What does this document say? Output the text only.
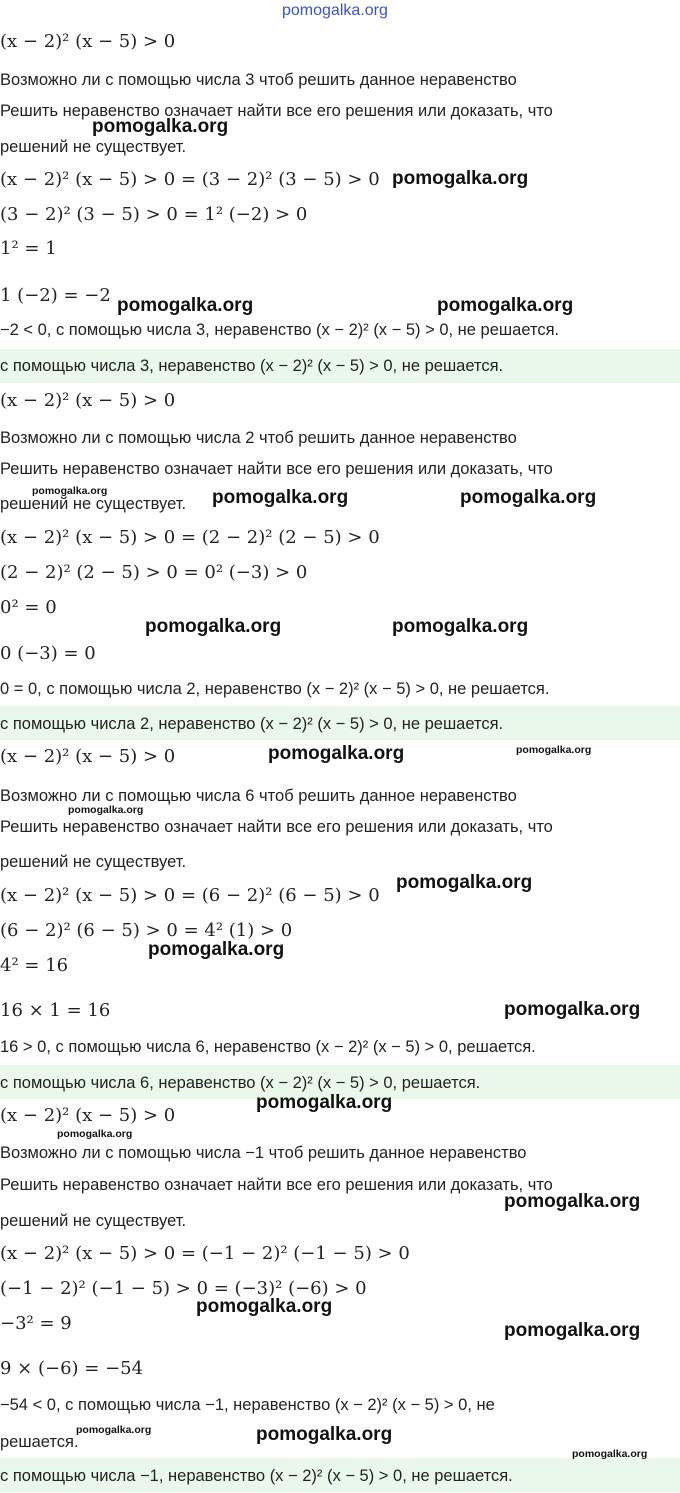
pomogalka.org
(x − 2)² (x − 5) > 0
Возможно ли с помощью числа 3 чтоб решить данное неравенство
Решить неравенство означает найти все его решения или доказать, что
решений не существует.
(x − 2)² (x − 5) > 0 = (3 − 2)² (3 − 5) > 0
(3 − 2)² (3 − 5) > 0 = 1² (−2) > 0
1² = 1
1 (−2) = −2
−2 < 0, с помощью числа 3, неравенство (x − 2)² (x − 5) > 0, не решается.
с помощью числа 3, неравенство (x − 2)² (x − 5) > 0, не решается.
(x − 2)² (x − 5) > 0
Возможно ли с помощью числа 2 чтоб решить данное неравенство
Решить неравенство означает найти все его решения или доказать, что
решений не существует.
(x − 2)² (x − 5) > 0 = (2 − 2)² (2 − 5) > 0
(2 − 2)² (2 − 5) > 0 = 0² (−3) > 0
0² = 0
0 (−3) = 0
0 = 0, с помощью числа 2, неравенство (x − 2)² (x − 5) > 0, не решается.
с помощью числа 2, неравенство (x − 2)² (x − 5) > 0, не решается.
(x − 2)² (x − 5) > 0
Возможно ли с помощью числа 6 чтоб решить данное неравенство
Решить неравенство означает найти все его решения или доказать, что
решений не существует.
(x − 2)² (x − 5) > 0 = (6 − 2)² (6 − 5) > 0
(6 − 2)² (6 − 5) > 0 = 4² (1) > 0
4² = 16
16 × 1 = 16
16 > 0, с помощью числа 6, неравенство (x − 2)² (x − 5) > 0, решается.
с помощью числа 6, неравенство (x − 2)² (x − 5) > 0, решается.
(x − 2)² (x − 5) > 0
Возможно ли с помощью числа −1 чтоб решить данное неравенство
Решить неравенство означает найти все его решения или доказать, что
решений не существует.
(x − 2)² (x − 5) > 0 = (−1 − 2)² (−1 − 5) > 0
(−1 − 2)² (−1 − 5) > 0 = (−3)² (−6) > 0
−3² = 9
9 × (−6) = −54
−54 < 0, с помощью числа −1, неравенство (x − 2)² (x − 5) > 0, не
решается.
с помощью числа −1, неравенство (x − 2)² (x − 5) > 0, не решается.
pomogalka.org
pomogalka.org
pomogalka.org	pomogalka.org
pomogalka.org	pomogalka.org	pomogalka.org
pomogalka.org	pomogalka.org
pomogalka.org	pomogalka.org
pomogalka.org
pomogalka.org
pomogalka.org
pomogalka.org
pomogalka.org
pomogalka.org
pomogalka.org
pomogalka.org
pomogalka.org
pomogalka.org	pomogalka.org
pomogalka.org
